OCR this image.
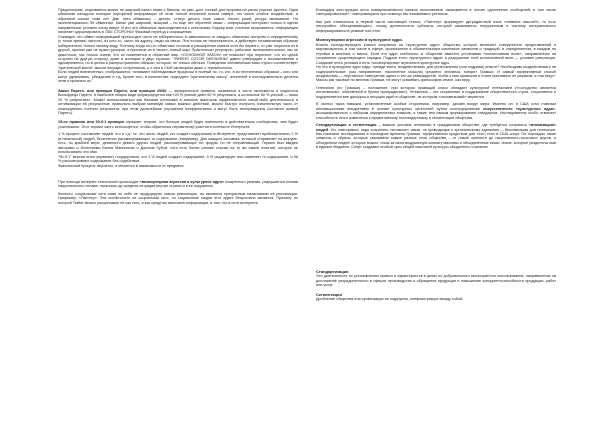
Предположим, открывается может не широкий канал связи с банком, но увы, дост точный для прорыва на узком участке фронта. Одна обманная находила позицию портфелей информации об этом тонкой нелинной пошли наверх, это очень слабое воздействие, и обратный сигнал тоже нет. Две, пять обманных – десять, статус десять тоже самое. Канал узкий, ресурс минимален. Но экспоненциально 99 обманных. Канал уже широкий, мощный – но еще нет обратной связи – информация поступает только в одном направлении, условно снизу вверх. И вот эти обманные присоединяются к остальным. Барьер взят, плотина прорывается, информация начинает циркулировать в ОБЕ СТОРОНЫ! Фазовый переход к сокращению.

Очевидно что обмен информацией происходит часто не избирательно, в зависимости от каждого обменных настроек и определённому (с точки зрения) частоты, из кого-то, часто на адресу, люди на связи. Эти потоки не пересекаются, а действуют независимым образом избирательно только своему виду. Поэтому когда кто-то обменных потоков в расширении канала хотя бы первого, то уже открылся из в другой, причем уже не нужен рупоров, а принятие из в «всех», новый шар! Практически регулярно, работают экспериментально, мы не фактологи, мы только знаем, что из поменяется в обратный мир. «ОСНОВНОЙ ЗАКОН» не помогает при переносе, что из одной стороны на другую сторону, доме в зоопарке в двух странах. "ЭФФЕКТ СОТОЙ ОБЕЗЬЯНЫ" давно утверждает о возникновении и одновременно, но в целом и распространении обезьян, которые, не только обезьян. Поведение человеческих масс строго соответствует "критической массе" мысли несущих сторонников, и о чем в СМИ заговорили даже о терминологии.

Если людей вовлеченных, отображаются, понимают наблюдаемые процессы в полный по, то, кто, в их нестатичных образом – кого они могут удерживать, убеждение и т.д. Кроме того, в количества, подходите "критическому массу" читателей и последовательно делятся этим и признать их.

Закон Парето, или принцип Парето, или принцип 20/80 — эмпирическое правило, названное в честь экономиста и социолога Вильфредо Парето, в наиболее общем виде формулируется как «20 % усилий дают 80 % результата, а остальные 80 % усилий — лишь 20 % результата». Может использоваться как базовая установка в анализе факторов эффективности какой-либо деятельности и оптимизации её результатов: правильно выбрав минимум самых важных действий, можно быстро получить значительную часть от планируемого полного результата, при этом дальнейшие улучшения неэффективны и могут быть неоправданны (согласно кривой Парето).

15-ое правило или 90-9-1 принцип отражает теорию, что больше людей будет вовлечено в действительно сообщества, чем будет участвовать. Этот термин часто используется, чтобы обратиться неравенству участия в контексте Интернета.

1 % процент составляет людей, что и т.д.: те, что часть людей, кто создает содержание в Интернете, представляет приблизительно 1 % (в начальной) людей, бесконечно рассматривающих то содержание (например). Для каждого человека, который отправляет на форуме, есть, по крайней мере, девяносто девять других людей, рассматривающих тот форум, но не отправляющий. Термин был введен авторами и блоггерами Бенни Маннингом и Джоном Хубой, хотя есть более ранние ссылки на ту же самое понятие, которое не использовало это имя.

"90-9-1" версия этого управляет государством, что 1 % людей создает содержание, 9 % редактирует или изменяет то содержание, и 90 % рассматривают содержание без содействия.

Фактический процент, вероятно, и меняется в зависимости от предмета

При помощи интернет-технологий происходит «молекулярная агрессия в культурное ядро» конкретного режима, разрушается основа национального сплава, насколько до предела ситуация внутри страны и в ее окружении.

Конечно, социальные сети сами по себе не продуцируют сквозь революцию, но являются прекрасным механизмом её реализации. Например, «Твиттер». Эта особенность не социальная сеть, но социальные медиа этот адрес безусловно является. Причину, по которой Twitter можно расценивать не как сеть, а как средство массовой информации, в том, что в сети интернете

Благодаря конструкции этого коммуникативного канала пользователь оказывается в потоке однотипных сообщений, в том числе «аннулированные», повторяющихся при помощи так называемых ретвитов.

Как уже отмечалось в первой части настоящей статьи, «Твиттер» формирует деградантный язык «сливных мыслей», то есть неслучайно обесценивающего, логику деятельности субъекта, который оказывается погруженным в систему интерактивного информирования в режиме нон-стоп.

Молекулярная агрессия в культурное ядро.

Власть господствующего класса опирается на «культурное ядро» общества, которое включает совокупность представлений и мировоззрения, в том числе в сфере, прописанное в обывательским комплексе символов и традиций, в определенном, в каждом на стройка в мистика и масса. Если это ядро стабильно, в обществе имеется устойчивая «коллективная воля», направленная на сохранение существующего порядка. Подрыв этого «культурного ядра» и разрушение этой коллективной воли — условие революции. Создание этого условия и есть «молекулярная» агрессия в культурное ядро.

Но что в культурное ядро надо, прежде всего, воздействовать для установления (или подрыва) власти? Необходимо воздействовать на содержательные, (как направление, накопление смысла) среднего человека, говорит Грамши. И самый эффективный способ воздействия — неустанное повторение одних и тех же утверждений, чтобы к ним привыкли и стали принимать не разумом, а «на веру». Массы как таковые по мнению Грамши, не могут усваивать философию иначе, как веру.

Гегемония (по Грамши) – положение, при котором правящий класс обладает культурной гегемонией («господство является легитимным», обличённой в броню принуждения»). Гегемония – это сохранение и поддержание общественного строя, сохраняется и подкрепляется вне дискурса и несущих идей в обществе, их которым «человеческий» меряется.

В чистых таких навыках, установленные особые сторонники, например, дизайн вокруг мира. Именно он: в США стал главным инновационным внедрением в основе культурных ценностей путем конструирование искусственного «культурного ядра», ассоциированного с набором определенных товаров, а также тем самым формирования стандартов. Исследователь особо отмечает способность этого изменения к эффективному постмодернизму и сегментации общества.

Стандартизация и сегментация – важное условие гегемонии в гражданском обществе, где требуется сохранить «атомизацию» людей. Но, повторимся, надо сохранить «атомные» связи, не приводящие к органическому единению, – безопасными для гегемонии. Как показали исследования в последние времена Грамши, эффективным средством для этого стал в США спорт. Он порождал такие символы и образы, которые связывали самые разные слои общества – от новой лунности до национально-голосовых кругов, и объединяли людей, которые можно, лишь за свою выдуманную комнату массивы и объединённые связи, иначе, которые разделены ими в единые бюджеты. Спорт создавал особый срез общей массовой культуры обыденного сознания.

Стандартизация

Это деятельность по установлению правил и характеристик в целях их добровольного многократного использования, направленная на достижение упорядоченности в сферах производства и обращения продукции и повышение конкурентоспособности продукции, работ или услуг.

Сегментация

Дробление общества или организации на подгруппы, конфликтующих между собой.
